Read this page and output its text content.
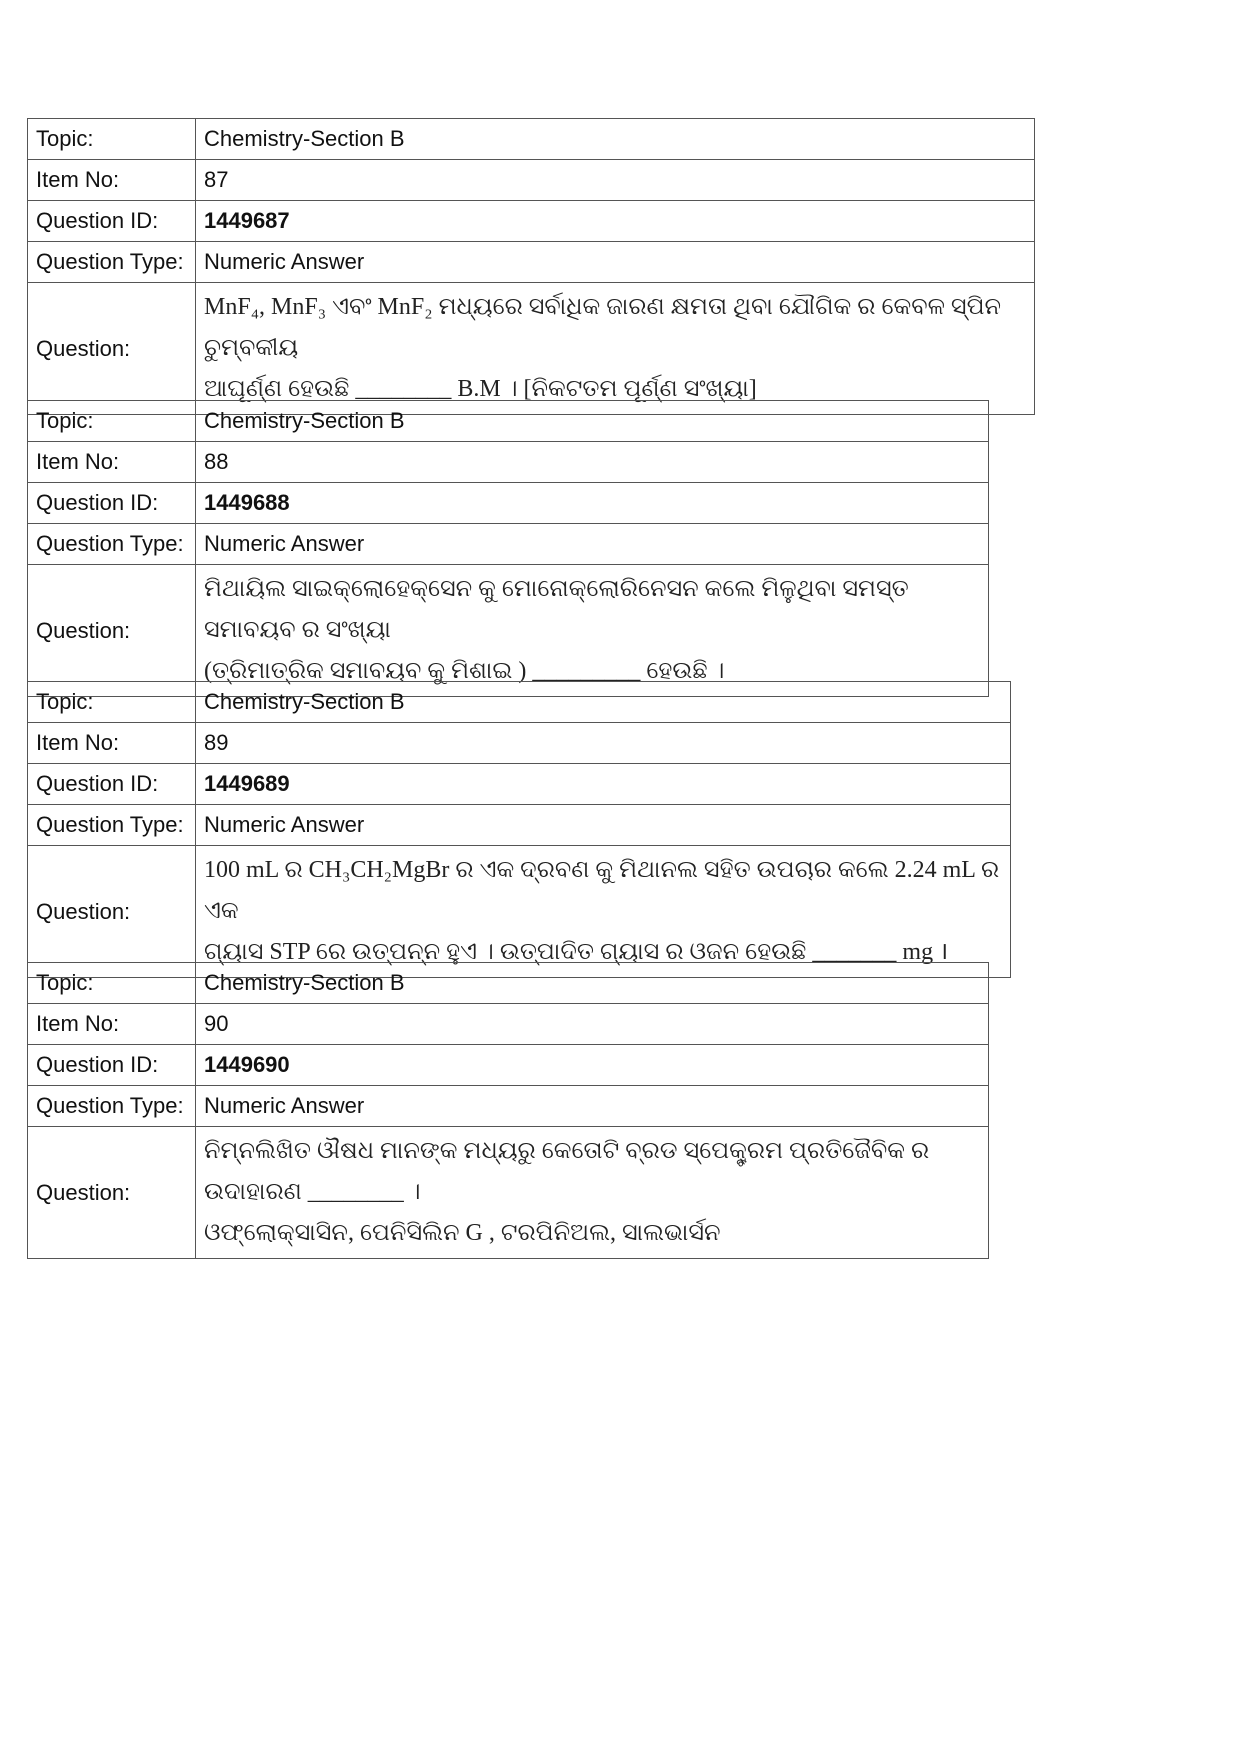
Topic:	Chemistry-Section B
Item No:	87
Question ID:	1449687
Question Type:	Numeric Answer
Question:	MnF₄, MnF₃ ଏବଂ MnF₂ ମଧ୍ୟରେ ସର୍ବାଧିକ ଜାରଣ କ୍ଷମତା ଥିବା ଯୌଗିକ ର କେବଳ ସ୍ପିନ ଚୁମ୍ବକୀୟ
ଆଘୂର୍ଣ୍ଣ ହେଉଛି ________ B.M । [ନିକଟତମ ପୂର୍ଣ୍ଣ ସଂଖ୍ୟା]
Topic:	Chemistry-Section B
Item No:	88
Question ID:	1449688
Question Type:	Numeric Answer
Question:	ମିଥାୟିଲ ସାଇକ୍ଲୋହେକ୍ସେନ କୁ ମୋନୋକ୍ଲୋରିନେସନ କଲେ ମିଳୁଥିବା ସମସ୍ତ ସମାବୟବ ର ସଂଖ୍ୟା
(ତ୍ରିମାତ୍ରିକ ସମାବୟବ କୁ ମିଶାଇ ) _________ ହେଉଛି ।
Topic:	Chemistry-Section B
Item No:	89
Question ID:	1449689
Question Type:	Numeric Answer
Question:	100 mL ର CH₃CH₂MgBr ର ଏକ ଦ୍ରବଣ କୁ ମିଥାନଲ ସହିତ ଉପଚାର କଲେ 2.24 mL ର ଏକ
ଗ୍ୟାସ STP ରେ ଉତ୍ପନ୍ନ ହୁଏ । ଉତ୍ପାଦିତ ଗ୍ୟାସ ର ଓଜନ ହେଉଛି _______ mg ।
Topic:	Chemistry-Section B
Item No:	90
Question ID:	1449690
Question Type:	Numeric Answer
Question:	ନିମ୍ନଲିଖିତ ଔଷଧ ମାନଙ୍କ ମଧ୍ୟରୁ କେତୋଟି ବ୍ରଡ ସ୍ପେକ୍ଟ୍ରମ ପ୍ରତିଜୈବିକ ର ଉଦାହାରଣ ________ ।
ଓଫ୍ଲୋକ୍ସାସିନ, ପେନିସିଲିନ G , ଟରପିନିଅଲ, ସାଲଭାର୍ସନ
